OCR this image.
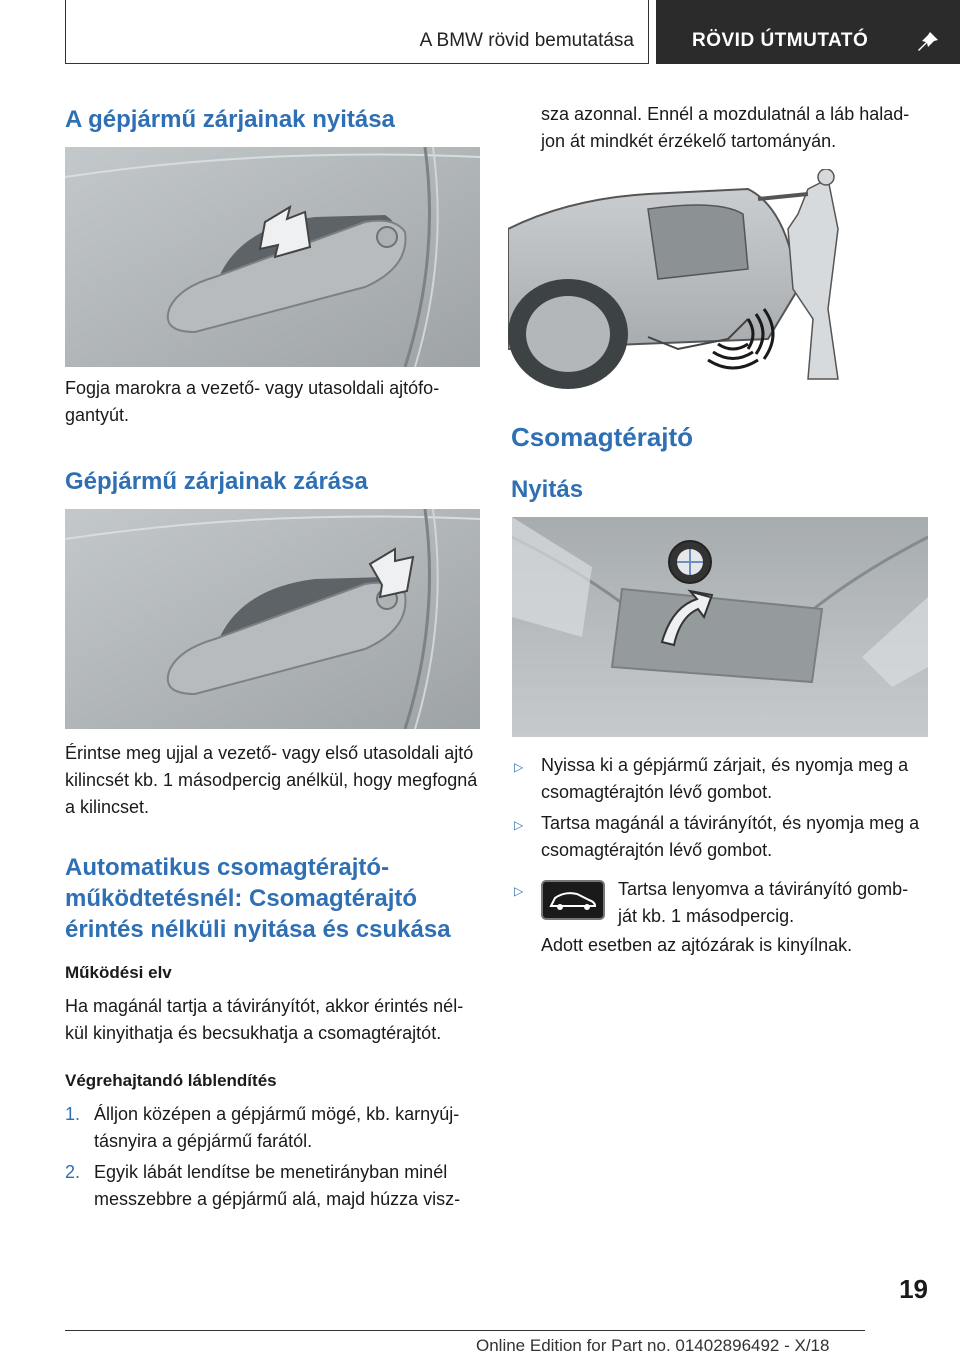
A BMW rövid bemutatása	RÖVID ÚTMUTATÓ
A gépjármű zárjainak nyitása
Fogja marokra a vezető- vagy utasoldali ajtófo-gantyút.
Gépjármű zárjainak zárása
Érintse meg ujjal a vezető- vagy első utasoldali ajtó kilincsét kb. 1 másodpercig anélkül, hogy megfogná a kilincset.
Automatikus csomagtérajtó-működtetésnél: Csomagtérajtó érintés nélküli nyitása és csukása
Működési elv
Ha magánál tartja a távirányítót, akkor érintés nél-kül kinyithatja és becsukhatja a csomagtérajtót.
Végrehajtandó láblendítés
1. Álljon középen a gépjármű mögé, kb. karnyúj-tásnyira a gépjármű farától.
2. Egyik lábát lendítse be menetirányban minél messzebbre a gépjármű alá, majd húzza visz-
sza azonnal. Ennél a mozdulatnál a láb halad-jon át mindkét érzékelő tartományán.
Csomagtérajtó
Nyitás
▷ Nyissa ki a gépjármű zárjait, és nyomja meg a csomagtérajtón lévő gombot.
▷ Tartsa magánál a távirányítót, és nyomja meg a csomagtérajtón lévő gombot.
▷	Tartsa lenyomva a távirányító gomb-ját kb. 1 másodpercig.
Adott esetben az ajtózárak is kinyílnak.
19
Online Edition for Part no. 01402896492 - X/18
